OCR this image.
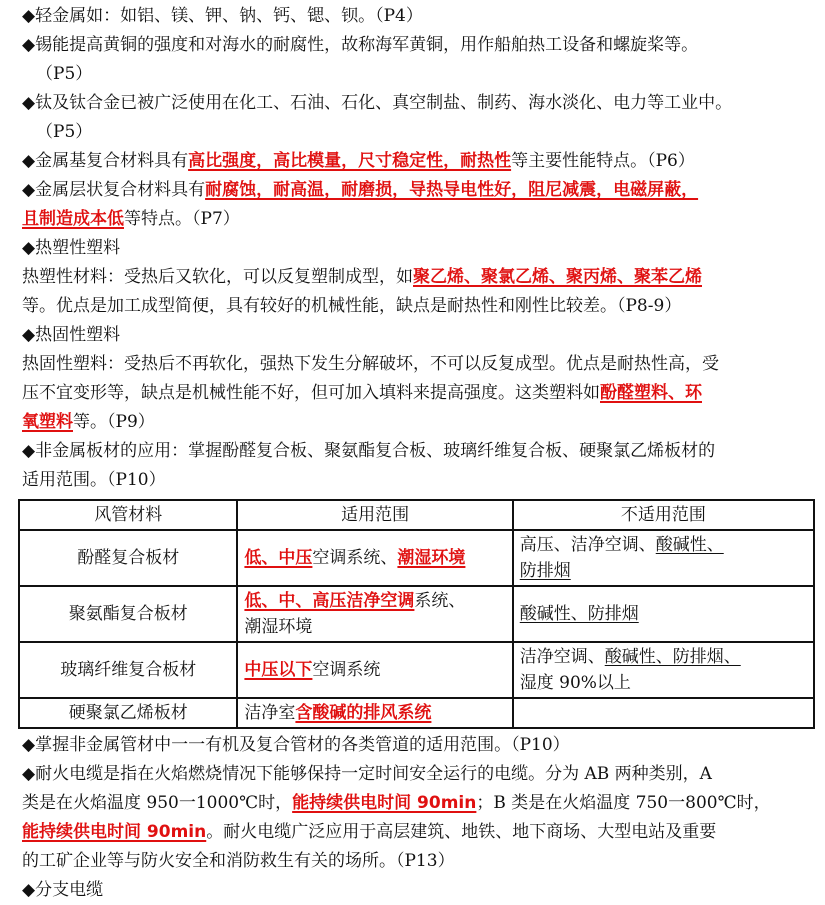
◆轻金属如：如铝、镁、钾、钠、钙、锶、钡。（P4）
◆锡能提高黄铜的强度和对海水的耐腐性，故称海军黄铜，用作船舶热工设备和螺旋桨等。
（P5）
◆钛及钛合金已被广泛使用在化工、石油、石化、真空制盐、制药、海水淡化、电力等工业中。
（P5）
◆金属基复合材料具有高比强度，高比模量，尺寸稳定性，耐热性等主要性能特点。（P6）
◆金属层状复合材料具有耐腐蚀，耐高温，耐磨损，导热导电性好，阻尼减震，电磁屏蔽，
且制造成本低等特点。（P7）
◆热塑性塑料
热塑性材料：受热后又软化，可以反复塑制成型，如聚乙烯、聚氯乙烯、聚丙烯、聚苯乙烯
等。优点是加工成型简便，具有较好的机械性能，缺点是耐热性和刚性比较差。（P8-9）
◆热固性塑料
热固性塑料：受热后不再软化，强热下发生分解破坏，不可以反复成型。优点是耐热性高，受
压不宜变形等，缺点是机械性能不好，但可加入填料来提高强度。这类塑料如酚醛塑料、环
氧塑料等。（P9）
◆非金属板材的应用：掌握酚醛复合板、聚氨酯复合板、玻璃纤维复合板、硬聚氯乙烯板材的
适用范围。（P10）
风管材料	适用范围	不适用范围
酚醛复合板材	低、中压空调系统、潮湿环境	高压、洁净空调、酸碱性、
防排烟
聚氨酯复合板材	低、中、高压洁净空调系统、
潮湿环境	酸碱性、防排烟
玻璃纤维复合板材	中压以下空调系统	洁净空调、酸碱性、防排烟、
湿度 90%以上
硬聚氯乙烯板材	洁净室含酸碱的排风系统	
◆掌握非金属管材中一一有机及复合管材的各类管道的适用范围。（P10）
◆耐火电缆是指在火焰燃烧情况下能够保持一定时间安全运行的电缆。分为 AB 两种类别，A
类是在火焰温度 950一1000℃时，能持续供电时间 90min；B 类是在火焰温度 750一800℃时，
能持续供电时间 90min。耐火电缆广泛应用于高层建筑、地铁、地下商场、大型电站及重要
的工矿企业等与防火安全和消防救生有关的场所。（P13）
◆分支电缆
